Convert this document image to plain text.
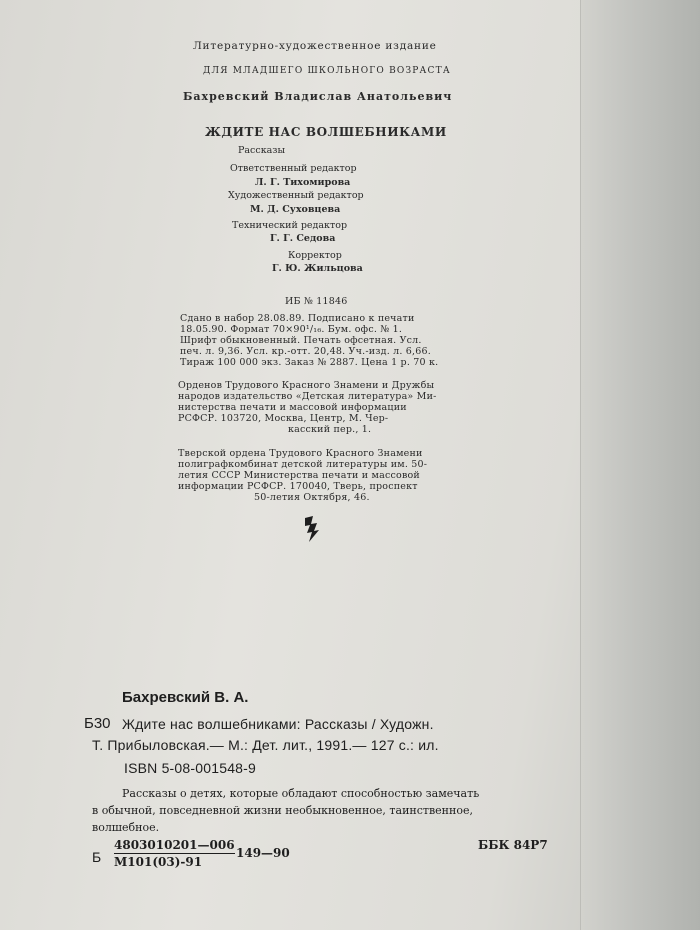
Литературно-художественное издание
ДЛЯ МЛАДШЕГО ШКОЛЬНОГО ВОЗРАСТА
Бахревский Владислав Анатольевич
ЖДИТЕ НАС ВОЛШЕБНИКАМИ
Рассказы
Ответственный редактор
Л. Г. Тихомирова
Художественный редактор
М. Д. Суховцева
Технический редактор
Г. Г. Седова
Корректор
Г. Ю. Жильцова
ИБ № 11846
Сдано в набор 28.08.89. Подписано к печати
18.05.90. Формат 70×90¹/₁₆. Бум. офс. № 1.
Шрифт обыкновенный. Печать офсетная. Усл.
печ. л. 9,36. Усл. кр.-отт. 20,48. Уч.-изд. л. 6,66.
Тираж 100 000 экз. Заказ № 2887. Цена 1 р. 70 к.
Орденов Трудового Красного Знамени и Дружбы
народов издательство «Детская литература» Ми-
нистерства печати и массовой информации
РСФСР. 103720, Москва, Центр, М. Чер-
касский пер., 1.
Тверской ордена Трудового Красного Знамени
полиграфкомбинат детской литературы им. 50-
летия СССР Министерства печати и массовой
информации РСФСР. 170040, Тверь, проспект
50-летия Октября, 46.
Бахревский В. А.
Б30 Ждите нас волшебниками: Рассказы / Художн.
Т. Прибыловская.— М.: Дет. лит., 1991.— 127 с.: ил.
ISBN 5-08-001548-9
Рассказы о детях, которые обладают способностью замечать
в обычной, повседневной жизни необыкновенное, таинственное,
волшебное.
Б
4803010201—006
М101(03)-91
149—90
ББК 84Р7
